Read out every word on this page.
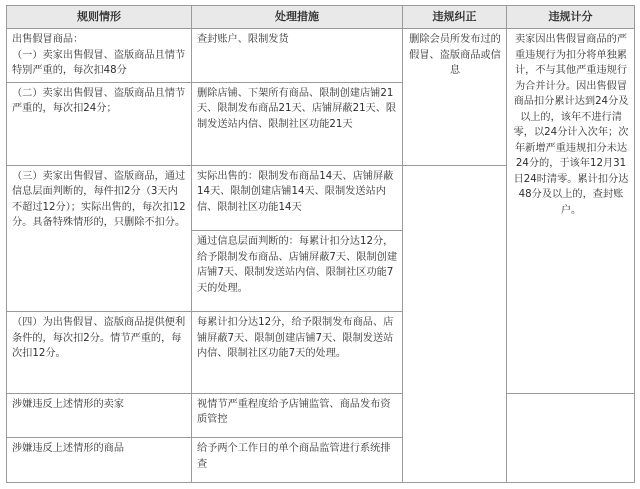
规则情形	处理措施	违规纠正	违规计分
出售假冒商品：
（一）卖家出售假冒、盗版商品且情节特别严重的，每次扣48分	查封账户、限制发货	删除会员所发布过的假冒、盗版商品或信息	卖家因出售假冒商品的严重违规行为扣分将单独累计，不与其他严重违规行为合并计分。因出售假冒商品扣分累计达到24分及以上的，该年不进行清零，以24分计入次年；次年新增严重违规扣分未达24分的，于该年12月31日24时清零。累计扣分达48分及以上的，查封账户。
（二）卖家出售假冒、盗版商品且情节严重的，每次扣24分；	删除店铺、下架所有商品、限制创建店铺21天、限制发布商品21天、店铺屏蔽21天、限制发送站内信、限制社区功能21天		
（三）卖家出售假冒、盗版商品，通过信息层面判断的，每件扣2分（3天内不超过12分）；实际出售的，每次扣12分。具备特殊情形的，只删除不扣分。	实际出售的：限制发布商品14天、店铺屏蔽14天、限制创建店铺14天、限制发送站内信、限制社区功能14天		
	通过信息层面判断的：每累计扣分达12分，给予限制发布商品、店铺屏蔽7天、限制创建店铺7天、限制发送站内信、限制社区功能7天的处理。		
（四）为出售假冒、盗版商品提供便利条件的，每次扣2分。情节严重的，每次扣12分。	每累计扣分达12分，给予限制发布商品、店铺屏蔽7天、限制创建店铺7天、限制发送站内信、限制社区功能7天的处理。		
涉嫌违反上述情形的卖家	视情节严重程度给予店铺监管、商品发布资质管控		
涉嫌违反上述情形的商品	给予两个工作日的单个商品监管进行系统排查		
